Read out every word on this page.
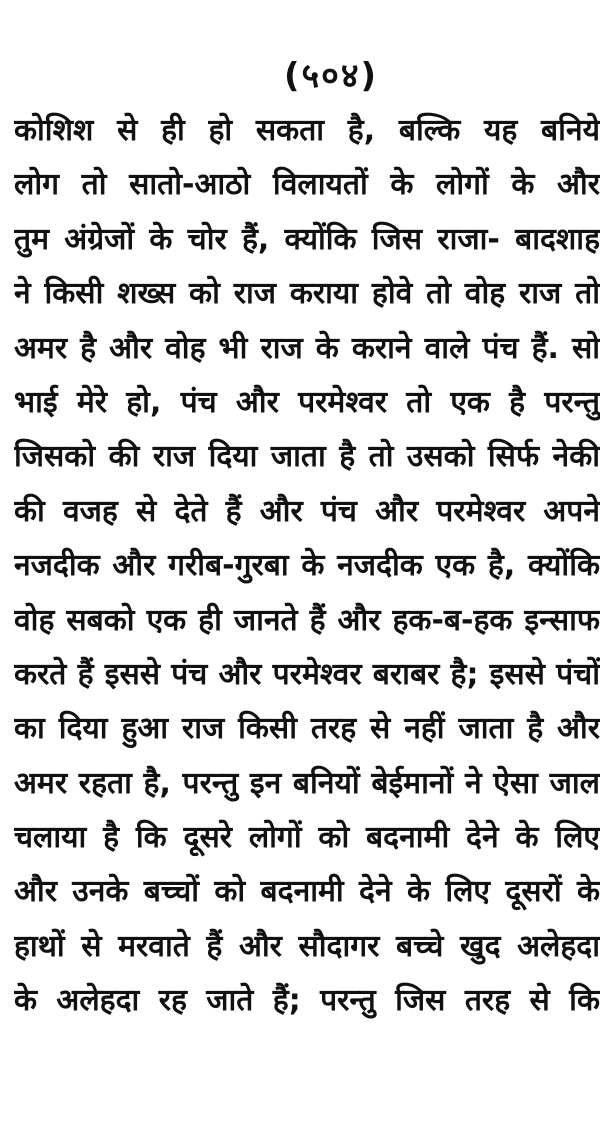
(५०४)
कोशिश से ही हो सकता है, बल्कि यह बनिये
लोग तो सातो-आठो विलायतों के लोगों के और
तुम अंग्रेजों के चोर हैं, क्योंकि जिस राजा- बादशाह
ने किसी शख्स को राज कराया होवे तो वोह राज तो
अमर है और वोह भी राज के कराने वाले पंच हैं. सो
भाई मेरे हो, पंच और परमेश्वर तो एक है परन्तु
जिसको की राज दिया जाता है तो उसको सिर्फ नेकी
की वजह से देते हैं और पंच और परमेश्वर अपने
नजदीक और गरीब-गुरबा के नजदीक एक है, क्योंकि
वोह सबको एक ही जानते हैं और हक-ब-हक इन्साफ
करते हैं इससे पंच और परमेश्वर बराबर है; इससे पंचों
का दिया हुआ राज किसी तरह से नहीं जाता है और
अमर रहता है, परन्तु इन बनियों बेईमानों ने ऐसा जाल
चलाया है कि दूसरे लोगों को बदनामी देने के लिए
और उनके बच्चों को बदनामी देने के लिए दूसरों के
हाथों से मरवाते हैं और सौदागर बच्चे खुद अलेहदा
के अलेहदा रह जाते हैं; परन्तु जिस तरह से कि
